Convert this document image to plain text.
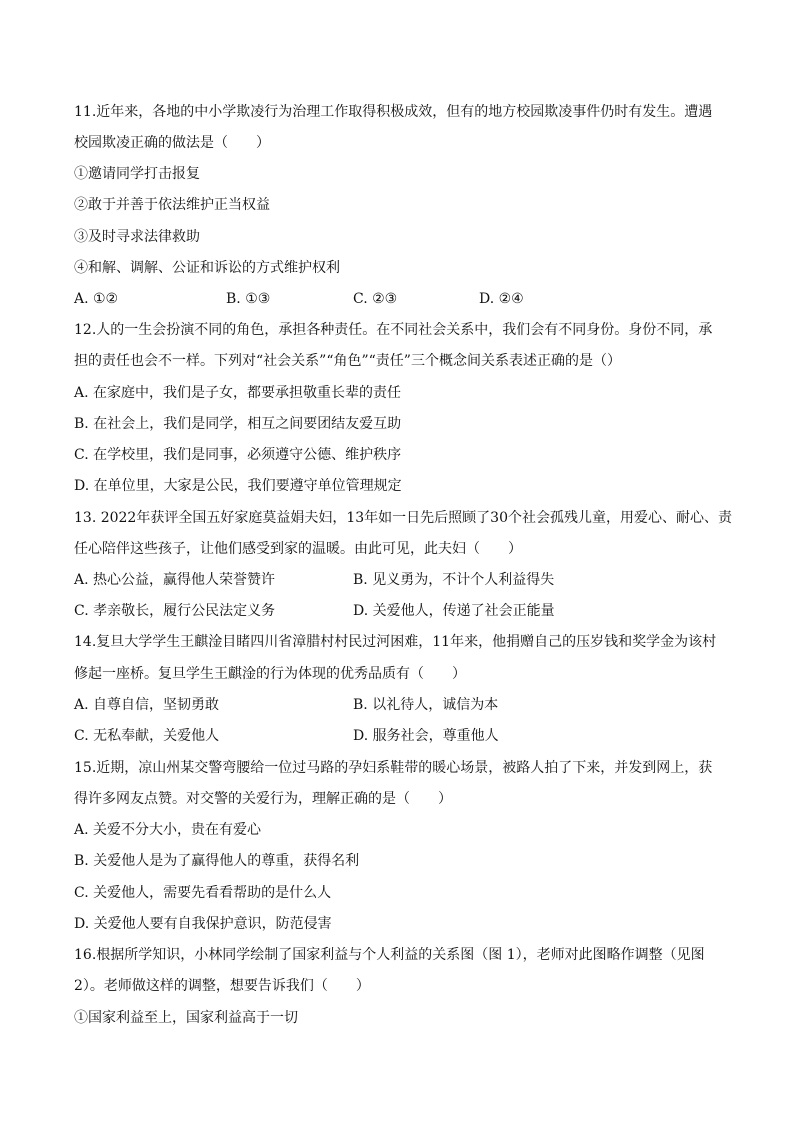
11.近年来，各地的中小学欺凌行为治理工作取得积极成效，但有的地方校园欺凌事件仍时有发生。遭遇
校园欺凌正确的做法是（　　）
①邀请同学打击报复
②敢于并善于依法维护正当权益
③及时寻求法律救助
④和解、调解、公证和诉讼的方式维护权利
A. ①②	B. ①③	C. ②③	D. ②④
12.人的一生会扮演不同的角色，承担各种责任。在不同社会关系中，我们会有不同身份。身份不同，承
担的责任也会不一样。下列对“社会关系”“角色”“责任”三个概念间关系表述正确的是（）
A. 在家庭中，我们是子女，都要承担敬重长辈的责任
B. 在社会上，我们是同学，相互之间要团结友爱互助
C. 在学校里，我们是同事，必须遵守公德、维护秩序
D. 在单位里，大家是公民，我们要遵守单位管理规定
13. 2022年获评全国五好家庭莫益娟夫妇，13年如一日先后照顾了30个社会孤残儿童，用爱心、耐心、责
任心陪伴这些孩子，让他们感受到家的温暖。由此可见，此夫妇（　　）
A. 热心公益，赢得他人荣誉赞许	B. 见义勇为，不计个人利益得失
C. 孝亲敬长，履行公民法定义务	D. 关爱他人，传递了社会正能量
14.复旦大学学生王麒淦目睹四川省漳腊村村民过河困难，11年来，他捐赠自己的压岁钱和奖学金为该村
修起一座桥。复旦学生王麒淦的行为体现的优秀品质有（　　）
A. 自尊自信，坚韧勇敢	B. 以礼待人，诚信为本
C. 无私奉献，关爱他人	D. 服务社会，尊重他人
15.近期，凉山州某交警弯腰给一位过马路的孕妇系鞋带的暖心场景，被路人拍了下来，并发到网上，获
得许多网友点赞。对交警的关爱行为，理解正确的是（　　）
A. 关爱不分大小，贵在有爱心
B. 关爱他人是为了赢得他人的尊重，获得名利
C. 关爱他人，需要先看看帮助的是什么人
D. 关爱他人要有自我保护意识，防范侵害
16.根据所学知识，小林同学绘制了国家利益与个人利益的关系图（图 1），老师对此图略作调整（见图
2）。老师做这样的调整，想要告诉我们（　　）
①国家利益至上，国家利益高于一切
